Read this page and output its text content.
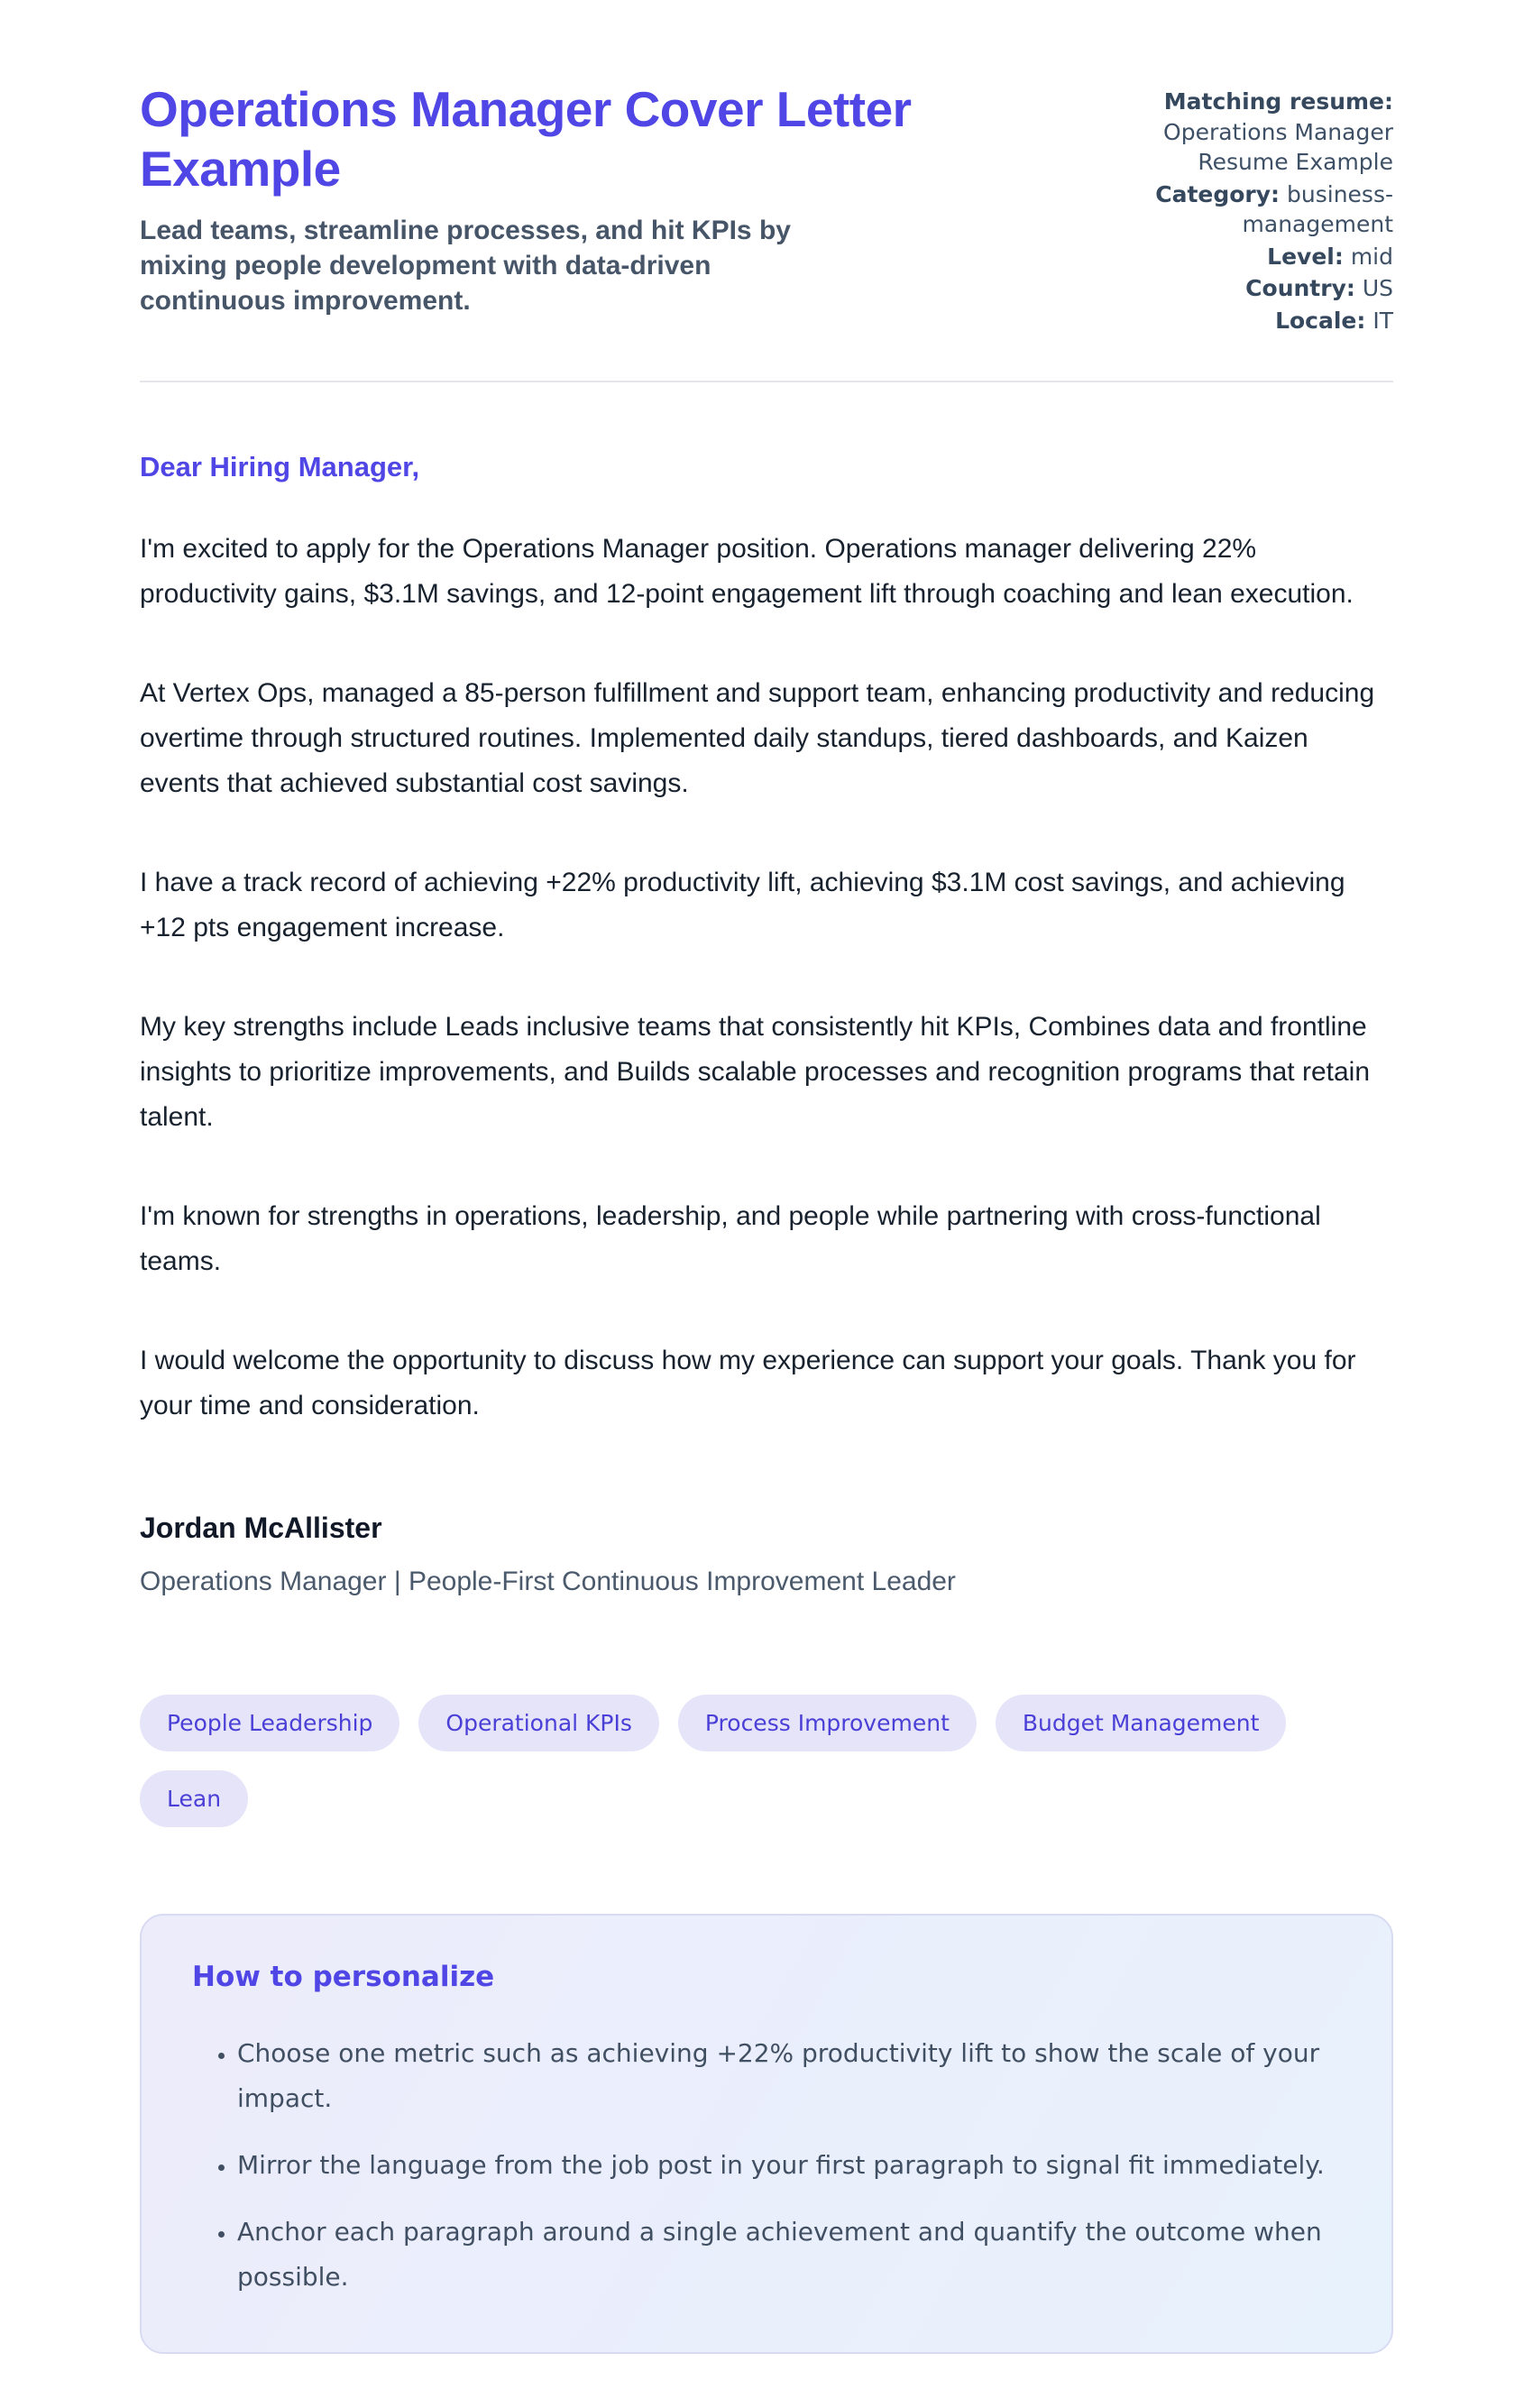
Operations Manager Cover Letter Example
Lead teams, streamline processes, and hit KPIs by mixing people development with data-driven continuous improvement.
Matching resume: Operations Manager Resume Example
Category: business-management
Level: mid
Country: US
Locale: IT
Dear Hiring Manager,

I'm excited to apply for the Operations Manager position. Operations manager delivering 22% productivity gains, $3.1M savings, and 12-point engagement lift through coaching and lean execution.

At Vertex Ops, managed a 85-person fulfillment and support team, enhancing productivity and reducing overtime through structured routines. Implemented daily standups, tiered dashboards, and Kaizen events that achieved substantial cost savings.

I have a track record of achieving +22% productivity lift, achieving $3.1M cost savings, and achieving +12 pts engagement increase.

My key strengths include Leads inclusive teams that consistently hit KPIs, Combines data and frontline insights to prioritize improvements, and Builds scalable processes and recognition programs that retain talent.

I'm known for strengths in operations, leadership, and people while partnering with cross-functional teams.

I would welcome the opportunity to discuss how my experience can support your goals. Thank you for your time and consideration.

Jordan McAllister
Operations Manager | People-First Continuous Improvement Leader
People Leadership	Operational KPIs	Process Improvement	Budget Management
Lean
How to personalize
• Choose one metric such as achieving +22% productivity lift to show the scale of your impact.
• Mirror the language from the job post in your first paragraph to signal fit immediately.
• Anchor each paragraph around a single achievement and quantify the outcome when possible.
